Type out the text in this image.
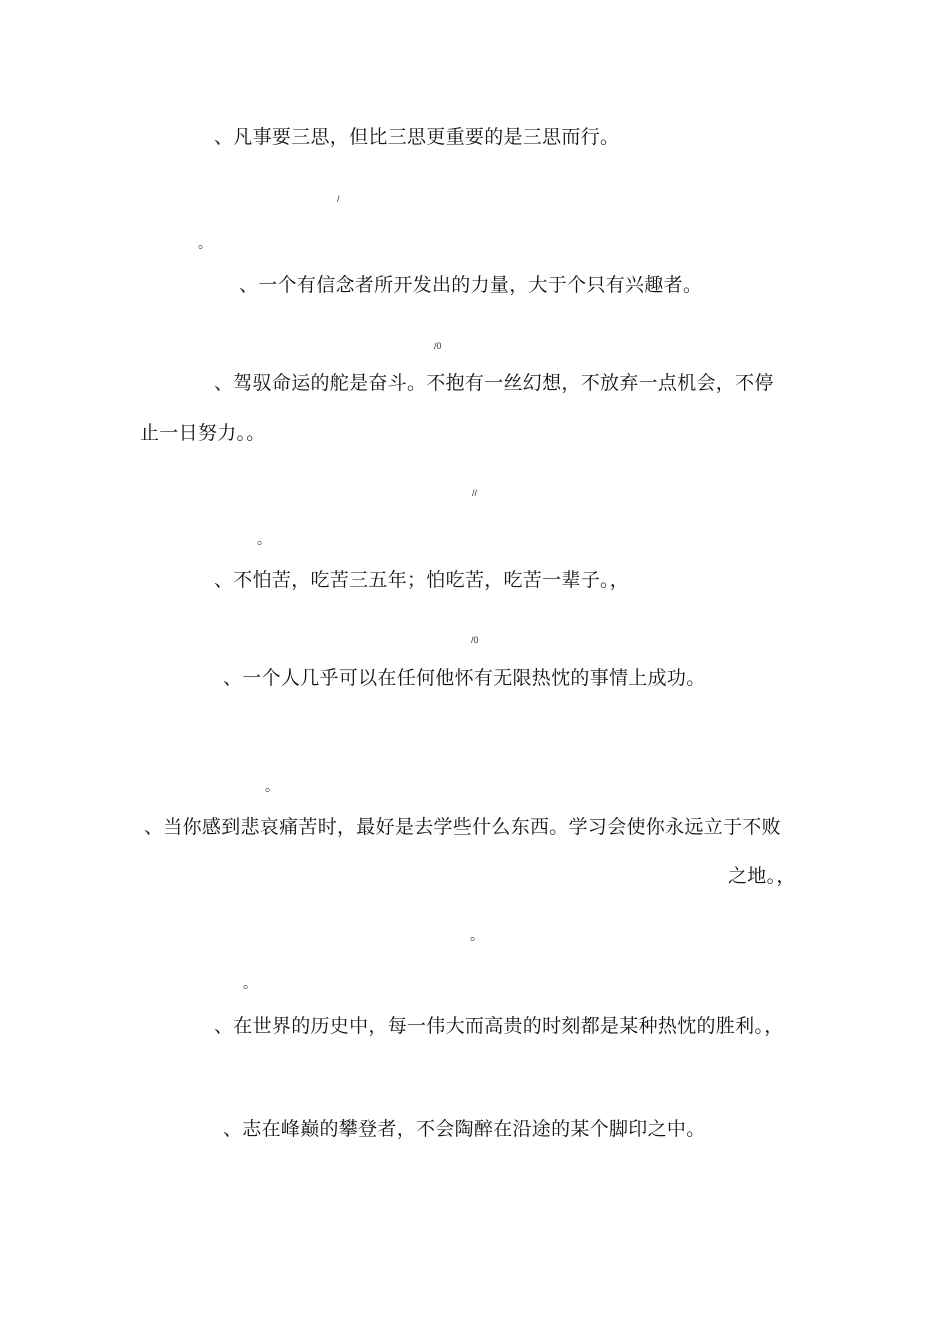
、凡事要三思，但比三思更重要的是三思而行。
/
。
、一个有信念者所开发出的力量，大于个只有兴趣者。
/0
、驾驭命运的舵是奋斗。不抱有一丝幻想，不放弃一点机会，不停
止一日努力。。
//
。
、不怕苦，吃苦三五年；怕吃苦，吃苦一辈子。，
/0
、一个人几乎可以在任何他怀有无限热忱的事情上成功。
。
、当你感到悲哀痛苦时，最好是去学些什么东西。学习会使你永远立于不败
之地。，
。
。
、在世界的历史中，每一伟大而高贵的时刻都是某种热忱的胜利。，
、志在峰巅的攀登者，不会陶醉在沿途的某个脚印之中。
